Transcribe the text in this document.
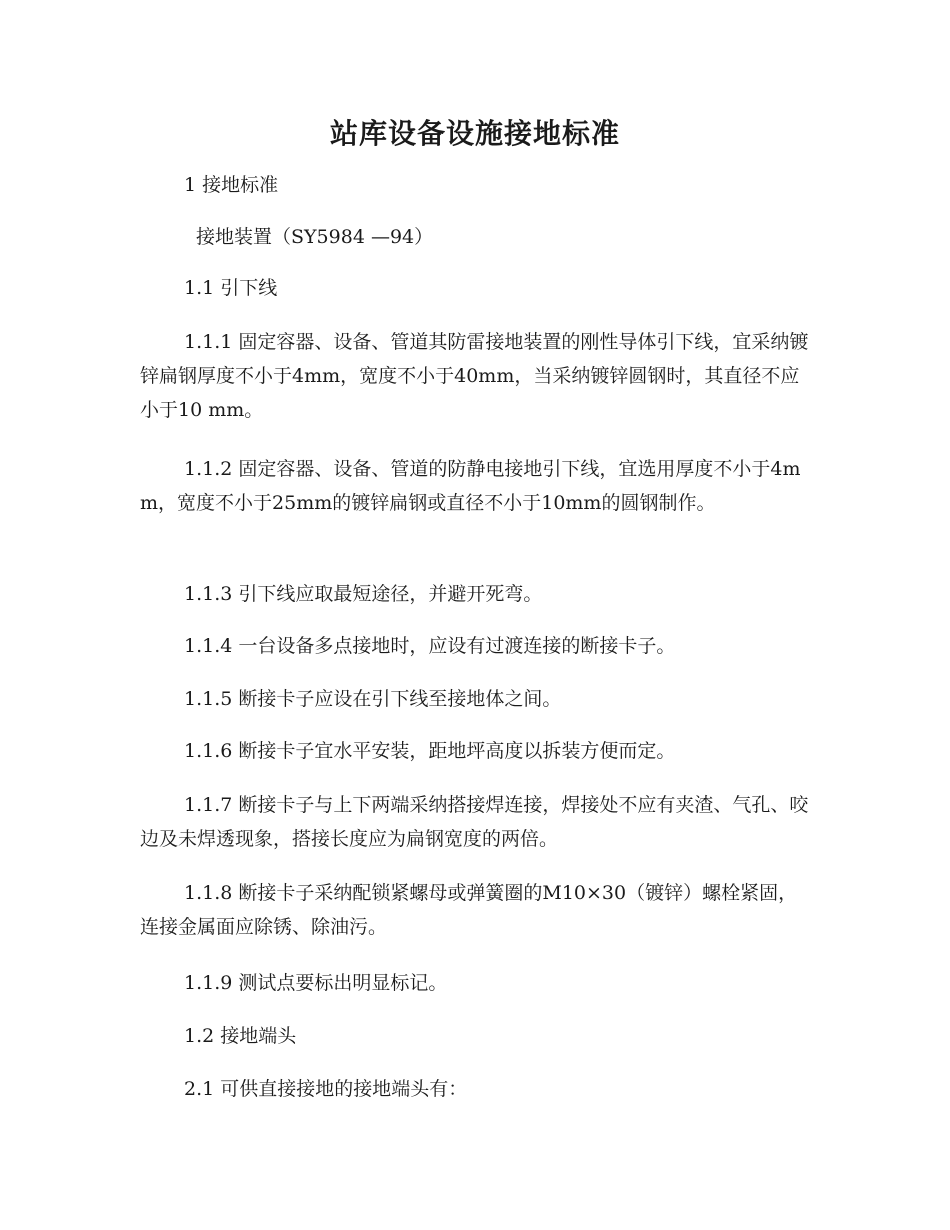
站库设备设施接地标准

1 接地标准

接地装置（SY5984 —94）

1.1 引下线

1.1.1 固定容器、设备、管道其防雷接地装置的刚性导体引下线，宜采纳镀锌扁钢厚度不小于4mm，宽度不小于40mm，当采纳镀锌圆钢时，其直径不应小于10 mm。

1.1.2 固定容器、设备、管道的防静电接地引下线，宜选用厚度不小于4mm，宽度不小于25mm的镀锌扁钢或直径不小于10mm的圆钢制作。

1.1.3 引下线应取最短途径，并避开死弯。

1.1.4 一台设备多点接地时，应设有过渡连接的断接卡子。

1.1.5 断接卡子应设在引下线至接地体之间。

1.1.6 断接卡子宜水平安装，距地坪高度以拆装方便而定。

1.1.7 断接卡子与上下两端采纳搭接焊连接，焊接处不应有夹渣、气孔、咬边及未焊透现象，搭接长度应为扁钢宽度的两倍。

1.1.8 断接卡子采纳配锁紧螺母或弹簧圈的M10×30（镀锌）螺栓紧固，连接金属面应除锈、除油污。

1.1.9 测试点要标出明显标记。

1.2 接地端头

2.1 可供直接接地的接地端头有：
